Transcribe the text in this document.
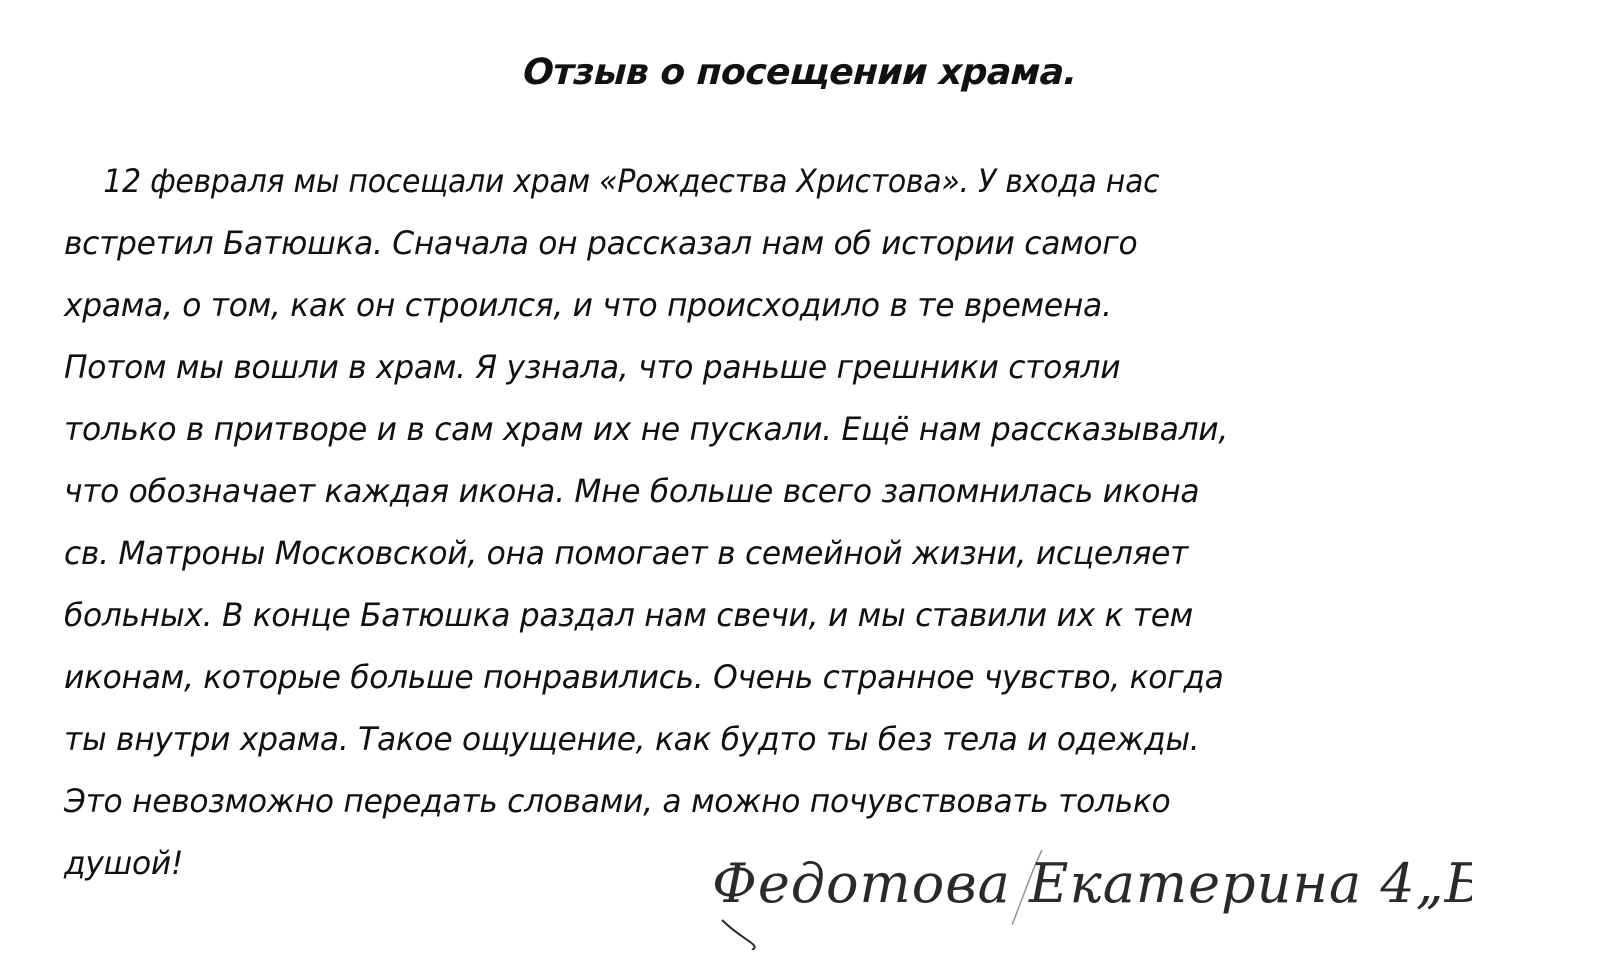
Отзыв о посещении храма.
12 февраля мы посещали храм «Рождества Христова». У входа нас
встретил Батюшка. Сначала он рассказал нам об истории самого
храма, о том, как он строился, и что происходило в те времена.
Потом мы вошли в храм. Я узнала, что раньше грешники стояли
только в притворе и в сам храм их не пускали. Ещё нам рассказывали,
что обозначает каждая икона. Мне больше всего запомнилась икона
св. Матроны Московской, она помогает в семейной жизни, исцеляет
больных. В конце Батюшка раздал нам свечи, и мы ставили их к тем
иконам, которые больше понравились. Очень странное чувство, когда
ты внутри храма. Такое ощущение, как будто ты без тела и одежды.
Это невозможно передать словами, а можно почувствовать только
душой!	Федотова Екатерина 4„Б"
